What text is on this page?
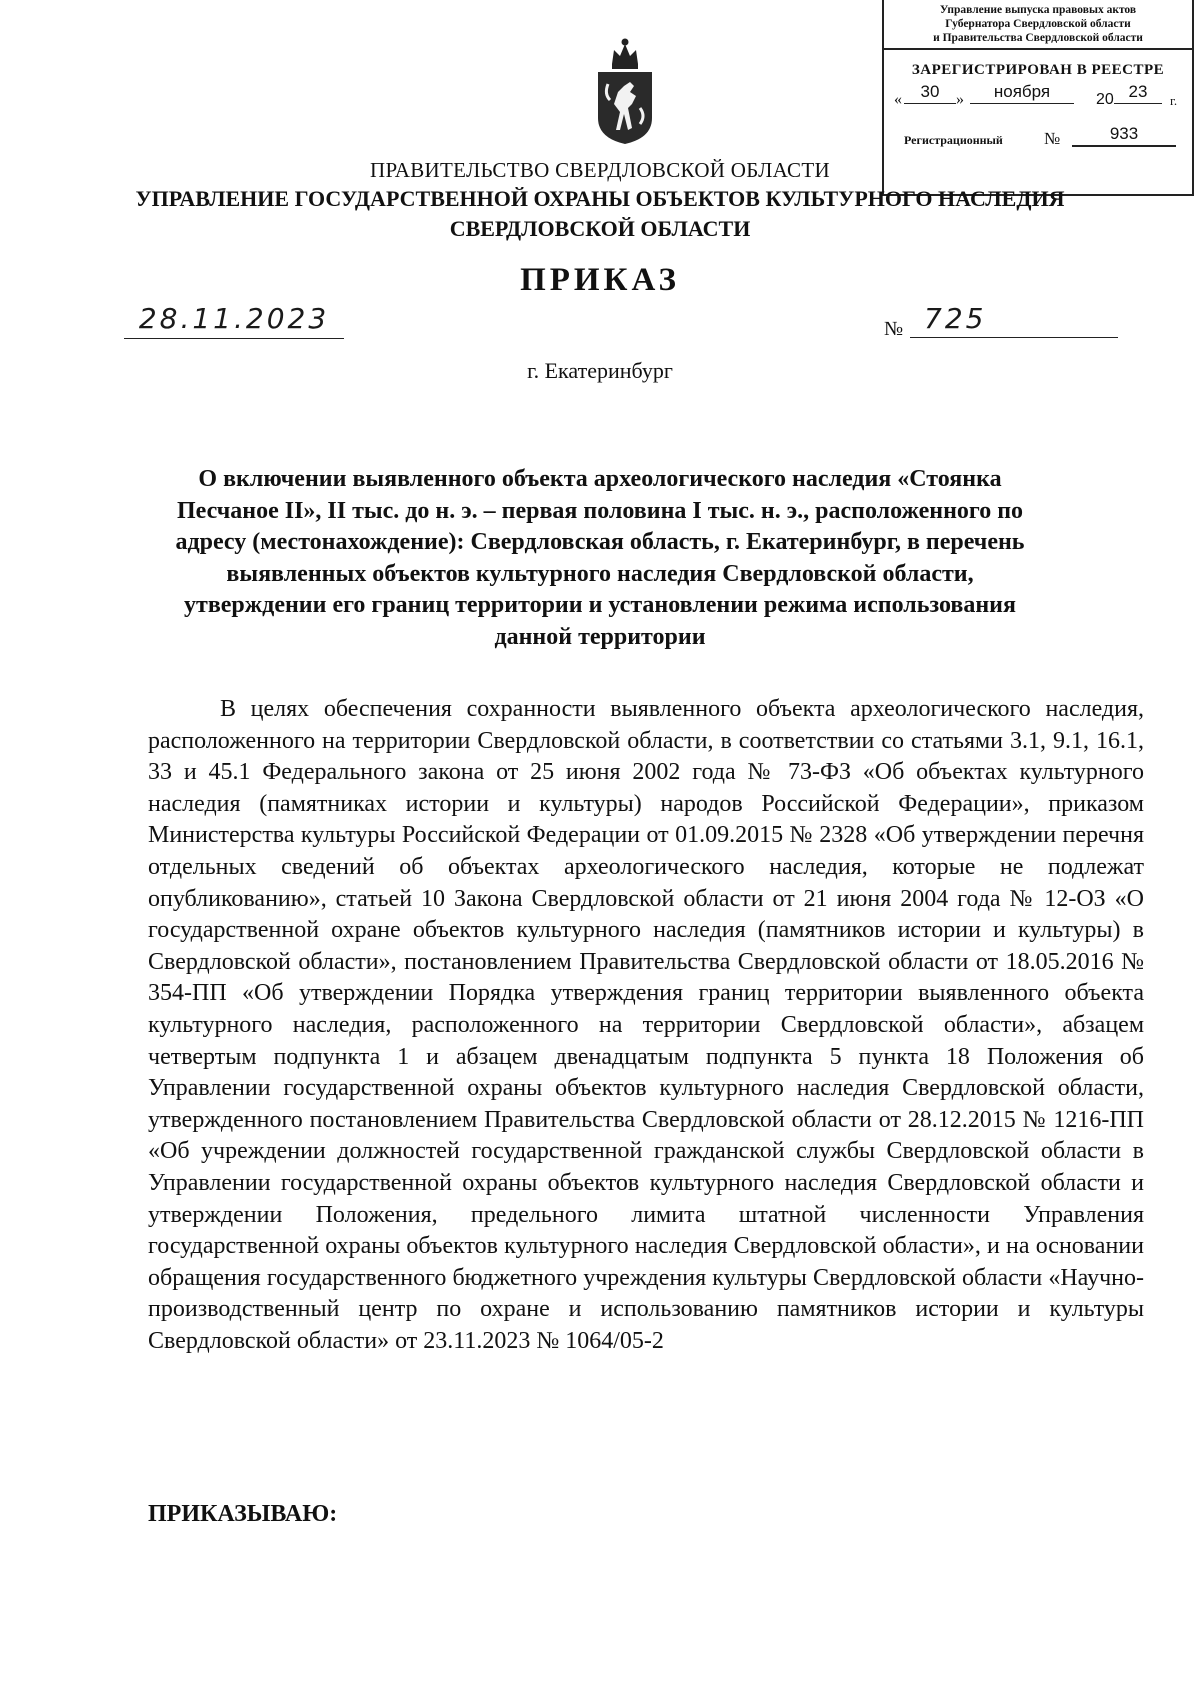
Управление выпуска правовых актов
Губернатора Свердловской области
и Правительства Свердловской области
ЗАРЕГИСТРИРОВАН В РЕЕСТРЕ
«	30	»	ноября	20 23	г.
Регистрационный №	933
ПРАВИТЕЛЬСТВО СВЕРДЛОВСКОЙ ОБЛАСТИ
УПРАВЛЕНИЕ ГОСУДАРСТВЕННОЙ ОХРАНЫ ОБЪЕКТОВ КУЛЬТУРНОГО НАСЛЕДИЯ
СВЕРДЛОВСКОЙ ОБЛАСТИ
ПРИКАЗ
28.11.2023	№ 725
г. Екатеринбург
О включении выявленного объекта археологического наследия «Стоянка Песчаное II», II тыс. до н. э. – первая половина I тыс. н. э., расположенного по адресу (местонахождение): Свердловская область, г. Екатеринбург, в перечень выявленных объектов культурного наследия Свердловской области, утверждении его границ территории и установлении режима использования данной территории
В целях обеспечения сохранности выявленного объекта археологического наследия, расположенного на территории Свердловской области, в соответствии со статьями 3.1, 9.1, 16.1, 33 и 45.1 Федерального закона от 25 июня 2002 года № 73-ФЗ «Об объектах культурного наследия (памятниках истории и культуры) народов Российской Федерации», приказом Министерства культуры Российской Федерации от 01.09.2015 № 2328 «Об утверждении перечня отдельных сведений об объектах археологического наследия, которые не подлежат опубликованию», статьей 10 Закона Свердловской области от 21 июня 2004 года № 12-ОЗ «О государственной охране объектов культурного наследия (памятников истории и культуры) в Свердловской области», постановлением Правительства Свердловской области от 18.05.2016 № 354-ПП «Об утверждении Порядка утверждения границ территории выявленного объекта культурного наследия, расположенного на территории Свердловской области», абзацем четвертым подпункта 1 и абзацем двенадцатым подпункта 5 пункта 18 Положения об Управлении государственной охраны объектов культурного наследия Свердловской области, утвержденного постановлением Правительства Свердловской области от 28.12.2015 № 1216-ПП «Об учреждении должностей государственной гражданской службы Свердловской области в Управлении государственной охраны объектов культурного наследия Свердловской области и утверждении Положения, предельного лимита штатной численности Управления государственной охраны объектов культурного наследия Свердловской области», и на основании обращения государственного бюджетного учреждения культуры Свердловской области «Научно-производственный центр по охране и использованию памятников истории и культуры Свердловской области» от 23.11.2023 № 1064/05-2
ПРИКАЗЫВАЮ:
